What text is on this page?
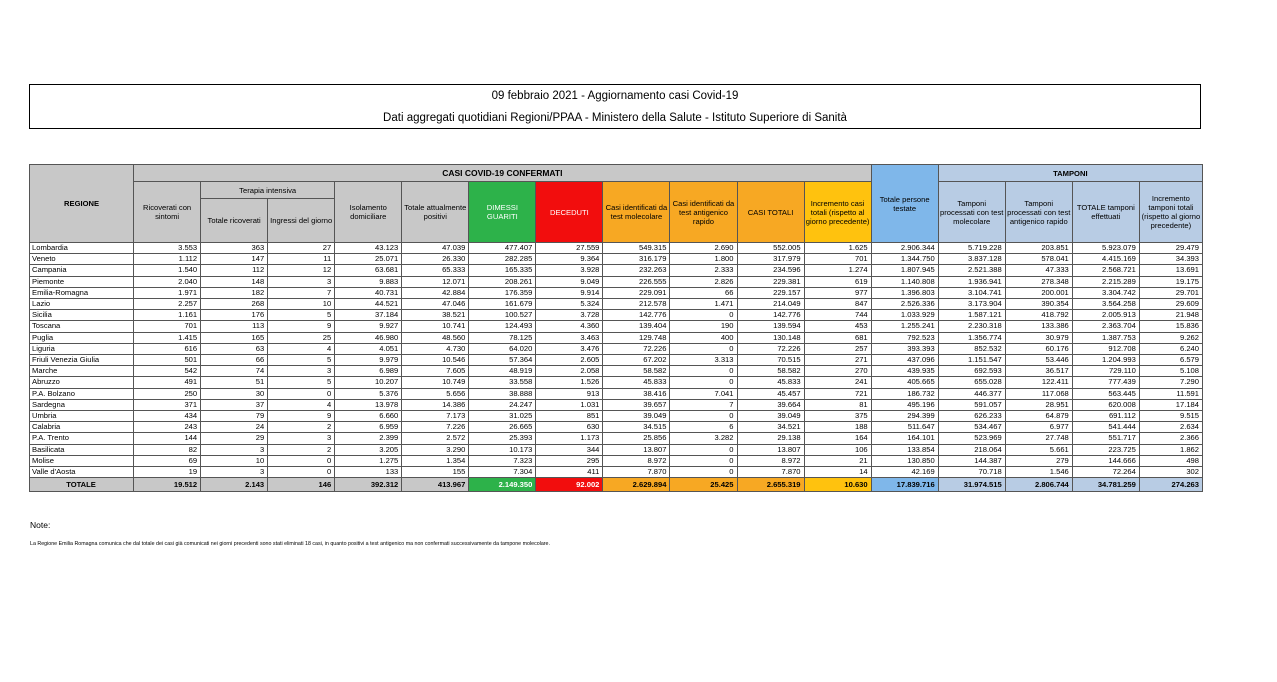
09 febbraio 2021 - Aggiornamento casi Covid-19
Dati aggregati quotidiani Regioni/PPAA - Ministero della Salute - Istituto Superiore di Sanità
REGIONE	CASI COVID-19 CONFERMATI											Totale persone testate	TAMPONI			
	Ricoverati con sintomi	Terapia intensiva		Isolamento domiciliare	Totale attualmente positivi	DIMESSI GUARITI	DECEDUTI	Casi identificati da test molecolare	Casi identificati da test antigenico rapido	CASI TOTALI	Incremento casi totali (rispetto al giorno precedente)		Tamponi processati con test molecolare	Tamponi processati con test antigenico rapido	TOTALE tamponi effettuati	Incremento tamponi totali (rispetto al giorno precedente)
		Totale ricoverati	Ingressi del giorno													
Lombardia	3.553	363	27	43.123	47.039	477.407	27.559	549.315	2.690	552.005	1.625	2.906.344	5.719.228	203.851	5.923.079	29.479
Veneto	1.112	147	11	25.071	26.330	282.285	9.364	316.179	1.800	317.979	701	1.344.750	3.837.128	578.041	4.415.169	34.393
Campania	1.540	112	12	63.681	65.333	165.335	3.928	232.263	2.333	234.596	1.274	1.807.945	2.521.388	47.333	2.568.721	13.691
Piemonte	2.040	148	3	9.883	12.071	208.261	9.049	226.555	2.826	229.381	619	1.140.808	1.936.941	278.348	2.215.289	19.175
Emilia-Romagna	1.971	182	7	40.731	42.884	176.359	9.914	229.091	66	229.157	977	1.396.803	3.104.741	200.001	3.304.742	29.701
Lazio	2.257	268	10	44.521	47.046	161.679	5.324	212.578	1.471	214.049	847	2.526.336	3.173.904	390.354	3.564.258	29.609
Sicilia	1.161	176	5	37.184	38.521	100.527	3.728	142.776	0	142.776	744	1.033.929	1.587.121	418.792	2.005.913	21.948
Toscana	701	113	9	9.927	10.741	124.493	4.360	139.404	190	139.594	453	1.255.241	2.230.318	133.386	2.363.704	15.836
Puglia	1.415	165	25	46.980	48.560	78.125	3.463	129.748	400	130.148	681	792.523	1.356.774	30.979	1.387.753	9.262
Liguria	616	63	4	4.051	4.730	64.020	3.476	72.226	0	72.226	257	393.393	852.532	60.176	912.708	6.240
Friuli Venezia Giulia	501	66	5	9.979	10.546	57.364	2.605	67.202	3.313	70.515	271	437.096	1.151.547	53.446	1.204.993	6.579
Marche	542	74	3	6.989	7.605	48.919	2.058	58.582	0	58.582	270	439.935	692.593	36.517	729.110	5.108
Abruzzo	491	51	5	10.207	10.749	33.558	1.526	45.833	0	45.833	241	405.665	655.028	122.411	777.439	7.290
P.A. Bolzano	250	30	0	5.376	5.656	38.888	913	38.416	7.041	45.457	721	186.732	446.377	117.068	563.445	11.591
Sardegna	371	37	4	13.978	14.386	24.247	1.031	39.657	7	39.664	81	495.196	591.057	28.951	620.008	17.184
Umbria	434	79	9	6.660	7.173	31.025	851	39.049	0	39.049	375	294.399	626.233	64.879	691.112	9.515
Calabria	243	24	2	6.959	7.226	26.665	630	34.515	6	34.521	188	511.647	534.467	6.977	541.444	2.634
P.A. Trento	144	29	3	2.399	2.572	25.393	1.173	25.856	3.282	29.138	164	164.101	523.969	27.748	551.717	2.366
Basilicata	82	3	2	3.205	3.290	10.173	344	13.807	0	13.807	106	133.854	218.064	5.661	223.725	1.862
Molise	69	10	0	1.275	1.354	7.323	295	8.972	0	8.972	21	130.850	144.387	279	144.666	498
Valle d'Aosta	19	3	0	133	155	7.304	411	7.870	0	7.870	14	42.169	70.718	1.546	72.264	302
TOTALE	19.512	2.143	146	392.312	413.967	2.149.350	92.002	2.629.894	25.425	2.655.319	10.630	17.839.716	31.974.515	2.806.744	34.781.259	274.263
Note:
La Regione Emilia Romagna comunica che dal totale dei casi già comunicati nei giorni precedenti sono stati eliminati 18 casi, in quanto positivi a test antigenico ma non confermati successivamente da tampone molecolare.
